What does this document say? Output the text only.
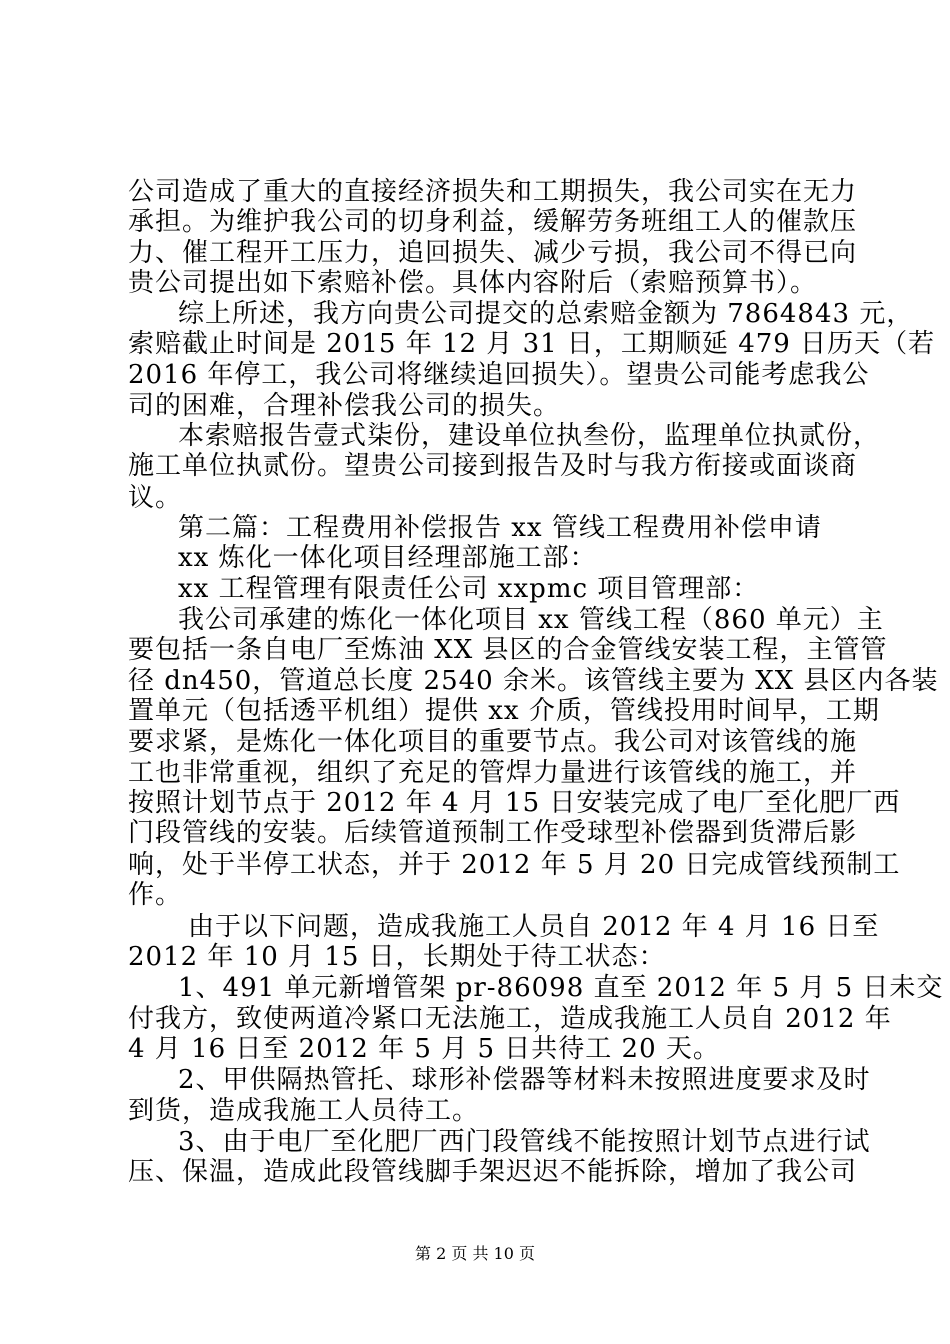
公司造成了重大的直接经济损失和工期损失，我公司实在无力
承担。为维护我公司的切身利益，缓解劳务班组工人的催款压
力、催工程开工压力，追回损失、减少亏损，我公司不得已向
贵公司提出如下索赔补偿。具体内容附后（索赔预算书）。
综上所述，我方向贵公司提交的总索赔金额为 7864843 元，
索赔截止时间是 2015 年 12 月 31 日，工期顺延 479 日历天（若
2016 年停工，我公司将继续追回损失）。望贵公司能考虑我公
司的困难，合理补偿我公司的损失。
本索赔报告壹式柒份，建设单位执叁份，监理单位执贰份，
施工单位执贰份。望贵公司接到报告及时与我方衔接或面谈商
议。
第二篇：工程费用补偿报告 xx 管线工程费用补偿申请
xx 炼化一体化项目经理部施工部：
xx 工程管理有限责任公司 xxpmc 项目管理部：
我公司承建的炼化一体化项目 xx 管线工程（860 单元）主
要包括一条自电厂至炼油 XX 县区的合金管线安装工程，主管管
径 dn450，管道总长度 2540 余米。该管线主要为 XX 县区内各装
置单元（包括透平机组）提供 xx 介质，管线投用时间早，工期
要求紧，是炼化一体化项目的重要节点。我公司对该管线的施
工也非常重视，组织了充足的管焊力量进行该管线的施工，并
按照计划节点于 2012 年 4 月 15 日安装完成了电厂至化肥厂西
门段管线的安装。后续管道预制工作受球型补偿器到货滞后影
响，处于半停工状态，并于 2012 年 5 月 20 日完成管线预制工
作。
由于以下问题，造成我施工人员自 2012 年 4 月 16 日至
2012 年 10 月 15 日，长期处于待工状态：
1、491 单元新增管架 pr-86098 直至 2012 年 5 月 5 日未交
付我方，致使两道冷紧口无法施工，造成我施工人员自 2012 年
4 月 16 日至 2012 年 5 月 5 日共待工 20 天。
2、甲供隔热管托、球形补偿器等材料未按照进度要求及时
到货，造成我施工人员待工。
3、由于电厂至化肥厂西门段管线不能按照计划节点进行试
压、保温，造成此段管线脚手架迟迟不能拆除，增加了我公司
第 2 页 共 10 页
